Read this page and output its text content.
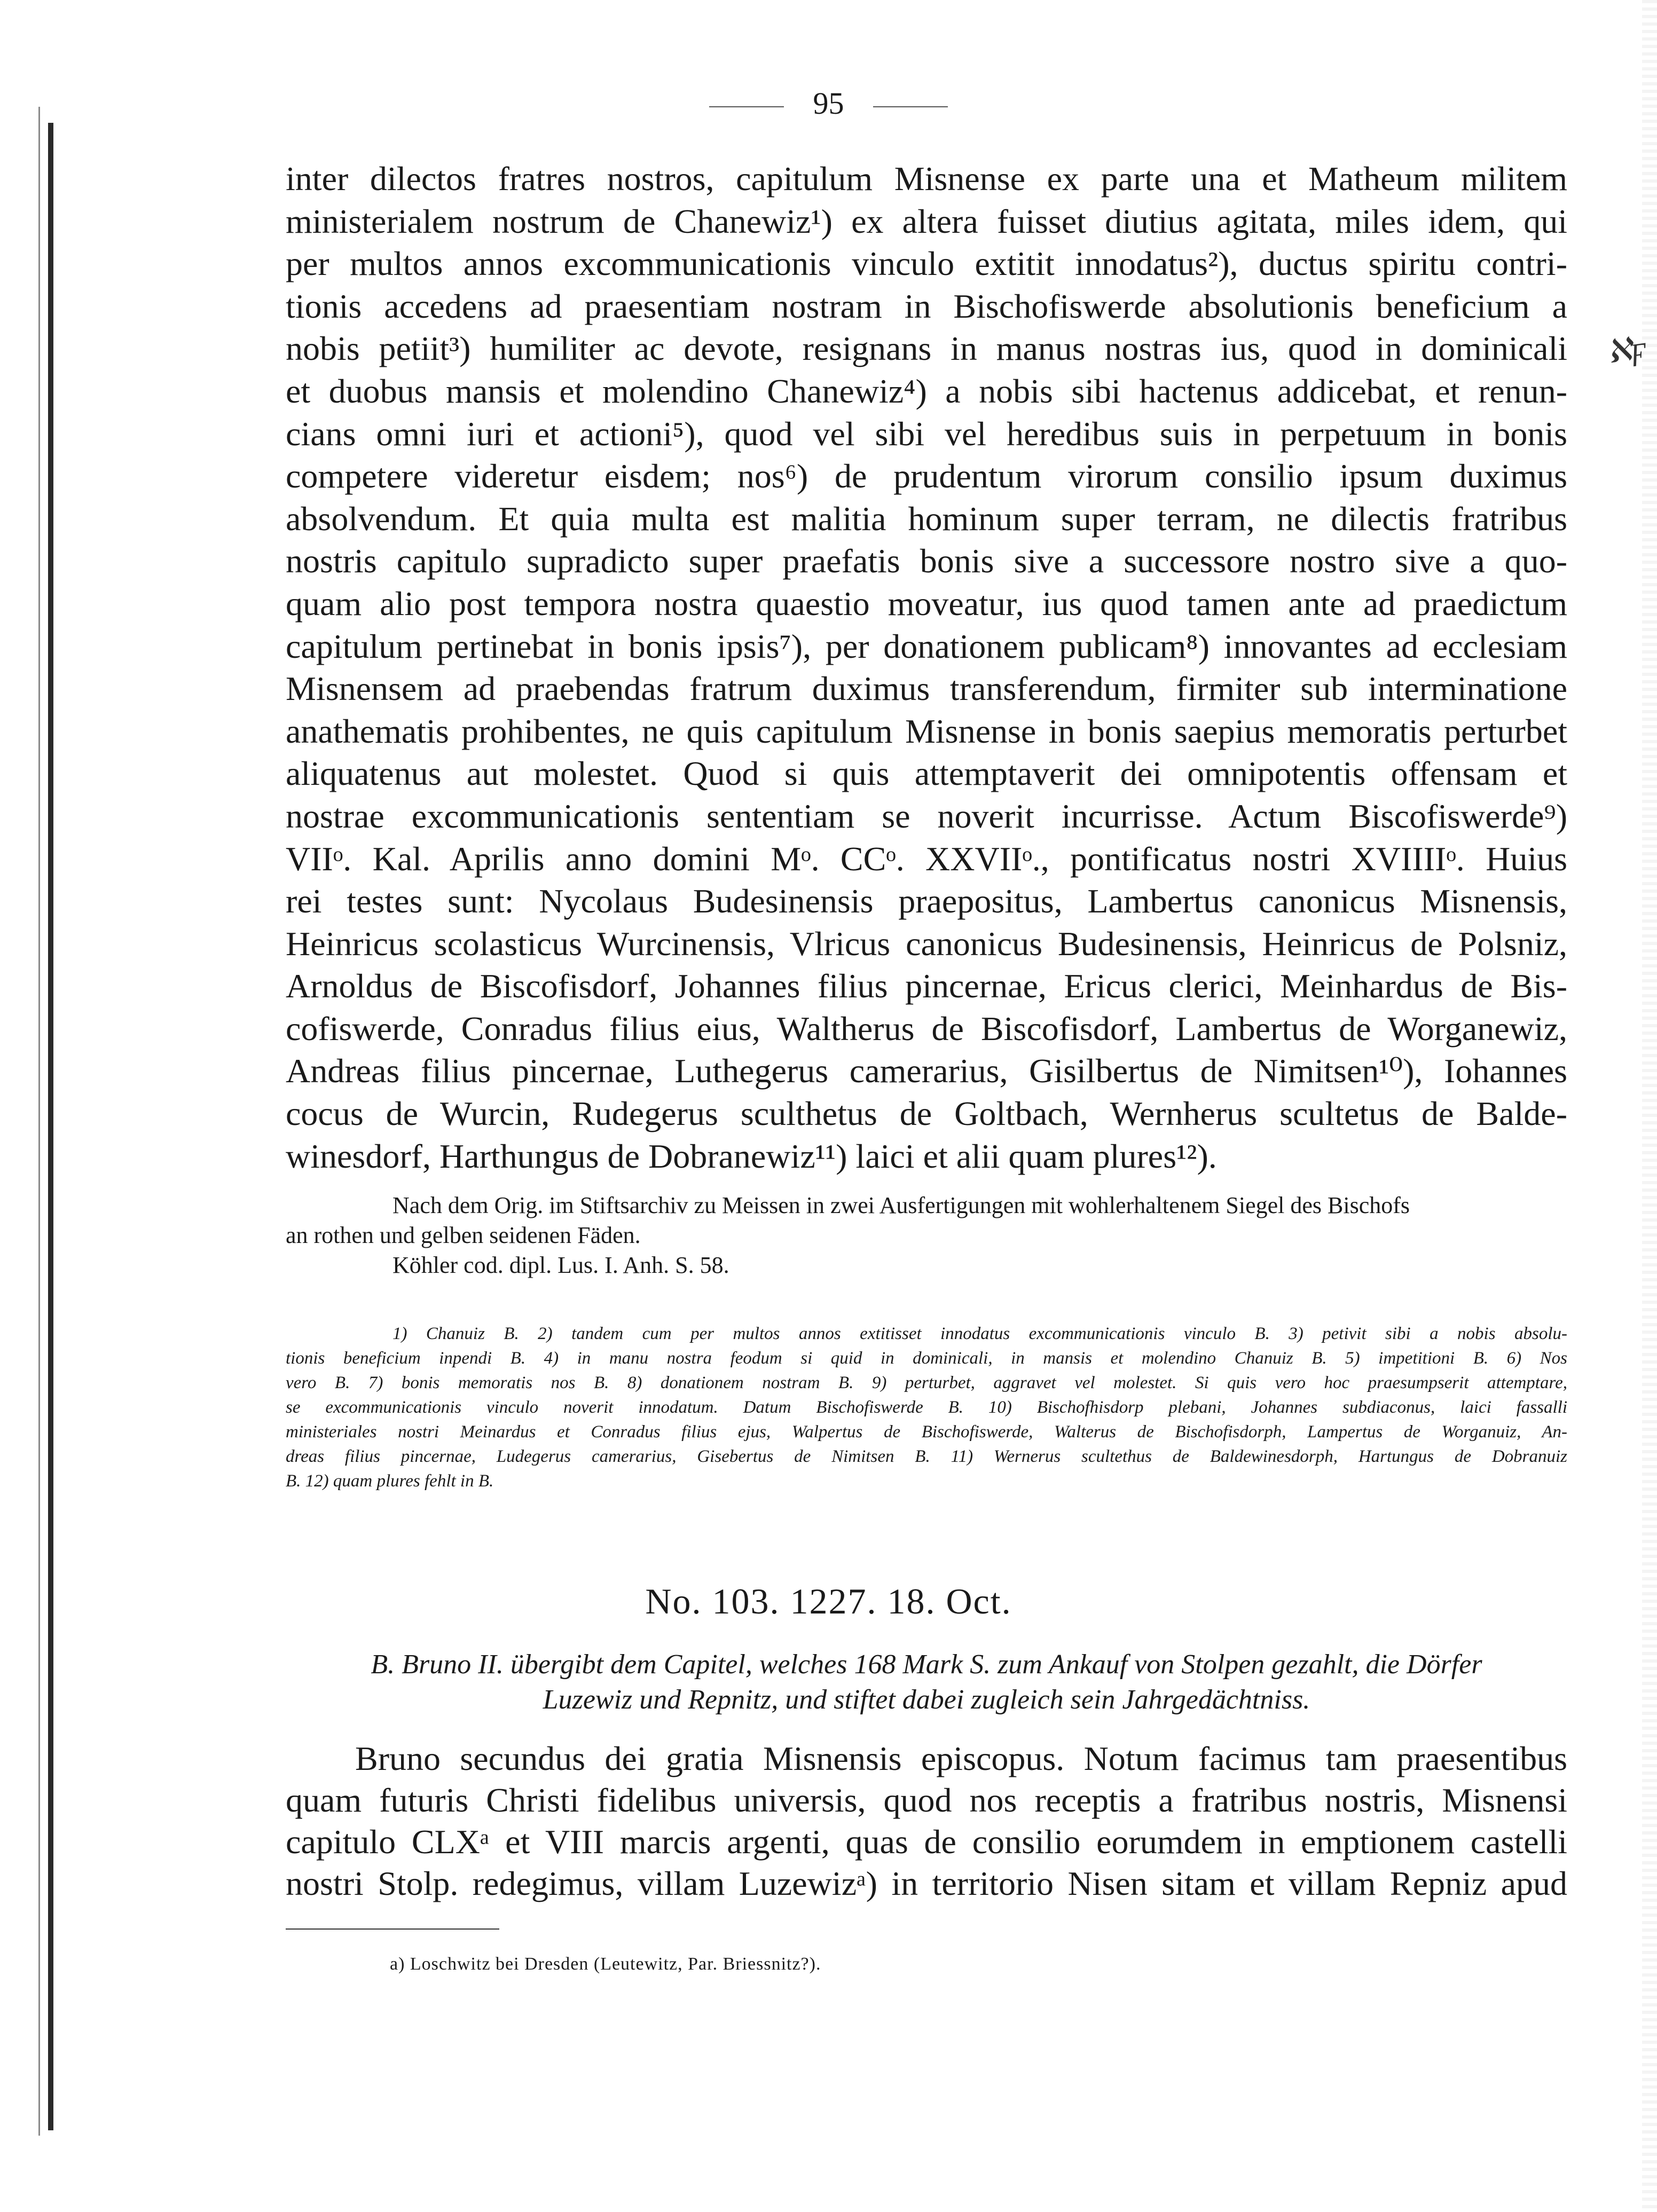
95
ℵϝ
inter dilectos fratres nostros, capitulum Misnense ex parte una et Matheum militem
ministerialem nostrum de Chanewiz¹) ex altera fuisset diutius agitata, miles idem, qui
per multos annos excommunicationis vinculo extitit innodatus²), ductus spiritu contri-
tionis accedens ad praesentiam nostram in Bischofiswerde absolutionis beneficium a
nobis petiit³) humiliter ac devote, resignans in manus nostras ius, quod in dominicali
et duobus mansis et molendino Chanewiz⁴) a nobis sibi hactenus addicebat, et renun-
cians omni iuri et actioni⁵), quod vel sibi vel heredibus suis in perpetuum in bonis
competere videretur eisdem; nos⁶) de prudentum virorum consilio ipsum duximus
absolvendum. Et quia multa est malitia hominum super terram, ne dilectis fratribus
nostris capitulo supradicto super praefatis bonis sive a successore nostro sive a quo-
quam alio post tempora nostra quaestio moveatur, ius quod tamen ante ad praedictum
capitulum pertinebat in bonis ipsis⁷), per donationem publicam⁸) innovantes ad ecclesiam
Misnensem ad praebendas fratrum duximus transferendum, firmiter sub interminatione
anathematis prohibentes, ne quis capitulum Misnense in bonis saepius memoratis perturbet
aliquatenus aut molestet. Quod si quis attemptaverit dei omnipotentis offensam et
nostrae excommunicationis sententiam se noverit incurrisse. Actum Biscofiswerde⁹)
VIIᵒ. Kal. Aprilis anno domini Mᵒ. CCᵒ. XXVIIᵒ., pontificatus nostri XVIIIIᵒ. Huius
rei testes sunt: Nycolaus Budesinensis praepositus, Lambertus canonicus Misnensis,
Heinricus scolasticus Wurcinensis, Vlricus canonicus Budesinensis, Heinricus de Polsniz,
Arnoldus de Biscofisdorf, Johannes filius pincernae, Ericus clerici, Meinhardus de Bis-
cofiswerde, Conradus filius eius, Waltherus de Biscofisdorf, Lambertus de Worganewiz,
Andreas filius pincernae, Luthegerus camerarius, Gisilbertus de Nimitsen¹⁰), Iohannes
cocus de Wurcin, Rudegerus sculthetus de Goltbach, Wernherus scultetus de Balde-
winesdorf, Harthungus de Dobranewiz¹¹) laici et alii quam plures¹²).
Nach dem Orig. im Stiftsarchiv zu Meissen in zwei Ausfertigungen mit wohlerhaltenem Siegel des Bischofs
an rothen und gelben seidenen Fäden.
Köhler cod. dipl. Lus. I. Anh. S. 58.
1) Chanuiz B. 2) tandem cum per multos annos extitisset innodatus excommunicationis vinculo B. 3) petivit sibi a nobis absolu-
tionis beneficium inpendi B. 4) in manu nostra feodum si quid in dominicali, in mansis et molendino Chanuiz B. 5) impetitioni B. 6) Nos
vero B. 7) bonis memoratis nos B. 8) donationem nostram B. 9) perturbet, aggravet vel molestet. Si quis vero hoc praesumpserit attemptare,
se excommunicationis vinculo noverit innodatum. Datum Bischofiswerde B. 10) Bischofhisdorp plebani, Johannes subdiaconus, laici fassalli
ministeriales nostri Meinardus et Conradus filius ejus, Walpertus de Bischofiswerde, Walterus de Bischofisdorph, Lampertus de Worganuiz, An-
dreas filius pincernae, Ludegerus camerarius, Gisebertus de Nimitsen B. 11) Wernerus scultethus de Baldewinesdorph, Hartungus de Dobranuiz
B. 12) quam plures fehlt in B.
No. 103. 1227. 18. Oct.
B. Bruno II. übergibt dem Capitel, welches 168 Mark S. zum Ankauf von Stolpen gezahlt, die Dörfer
Luzewiz und Repnitz, und stiftet dabei zugleich sein Jahrgedächtniss.
Bruno secundus dei gratia Misnensis episcopus. Notum facimus tam praesentibus
quam futuris Christi fidelibus universis, quod nos receptis a fratribus nostris, Misnensi
capitulo CLXᵃ et VIII marcis argenti, quas de consilio eorumdem in emptionem castelli
nostri Stolp. redegimus, villam Luzewizᵃ) in territorio Nisen sitam et villam Repniz apud
a) Loschwitz bei Dresden (Leutewitz, Par. Briessnitz?).
